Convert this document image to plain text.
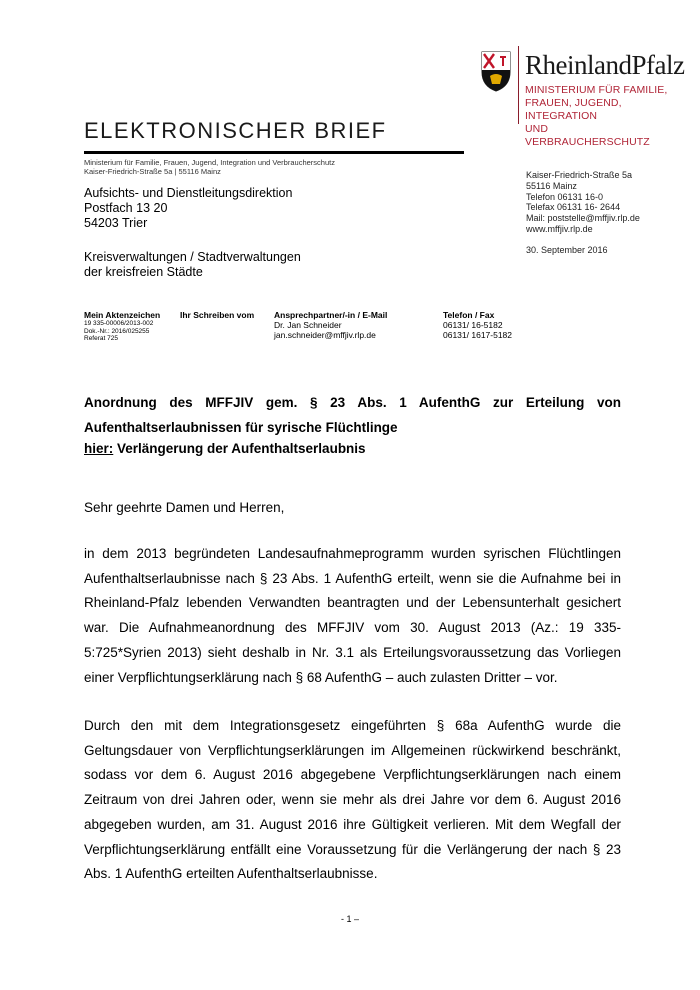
RheinlandPfalz
MINISTERIUM FÜR FAMILIE,
FRAUEN, JUGEND, INTEGRATION
UND VERBRAUCHERSCHUTZ
ELEKTRONISCHER BRIEF
Ministerium für Familie, Frauen, Jugend, Integration und Verbraucherschutz
Kaiser-Friedrich-Straße 5a | 55116 Mainz
Aufsichts- und Dienstleitungsdirektion
Postfach 13 20
54203 Trier
Kreisverwaltungen / Stadtverwaltungen
der kreisfreien Städte
Kaiser-Friedrich-Straße 5a
55116 Mainz
Telefon 06131 16-0
Telefax 06131 16- 2644
Mail: poststelle@mffjiv.rlp.de
www.mffjiv.rlp.de
30. September 2016
Mein Aktenzeichen
19 335-00006/2013-002
Dok.-Nr.: 2016/025255
Referat 725
Ihr Schreiben vom Ansprechpartner/-in / E-Mail
Dr. Jan Schneider
jan.schneider@mffjiv.rlp.de
Telefon / Fax
06131/ 16-5182
06131/ 1617-5182
Anordnung des MFFJIV gem. § 23 Abs. 1 AufenthG zur Erteilung von Aufenthaltserlaubnissen für syrische Flüchtlinge
hier: Verlängerung der Aufenthaltserlaubnis
Sehr geehrte Damen und Herren,
in dem 2013 begründeten Landesaufnahmeprogramm wurden syrischen Flüchtlingen Aufenthaltserlaubnisse nach § 23 Abs. 1 AufenthG erteilt, wenn sie die Aufnahme bei in Rheinland-Pfalz lebenden Verwandten beantragten und der Lebensunterhalt gesichert war. Die Aufnahmeanordnung des MFFJIV vom 30. August 2013 (Az.: 19 335-5:725*Syrien 2013) sieht deshalb in Nr. 3.1 als Erteilungsvoraussetzung das Vorliegen einer Verpflichtungserklärung nach § 68 AufenthG – auch zulasten Dritter – vor.
Durch den mit dem Integrationsgesetz eingeführten § 68a AufenthG wurde die Geltungsdauer von Verpflichtungserklärungen im Allgemeinen rückwirkend beschränkt, sodass vor dem 6. August 2016 abgegebene Verpflichtungserklärungen nach einem Zeitraum von drei Jahren oder, wenn sie mehr als drei Jahre vor dem 6. August 2016 abgegeben wurden, am 31. August 2016 ihre Gültigkeit verlieren. Mit dem Wegfall der Verpflichtungserklärung entfällt eine Voraussetzung für die Verlängerung der nach § 23 Abs. 1 AufenthG erteilten Aufenthaltserlaubnisse.
- 1 –
